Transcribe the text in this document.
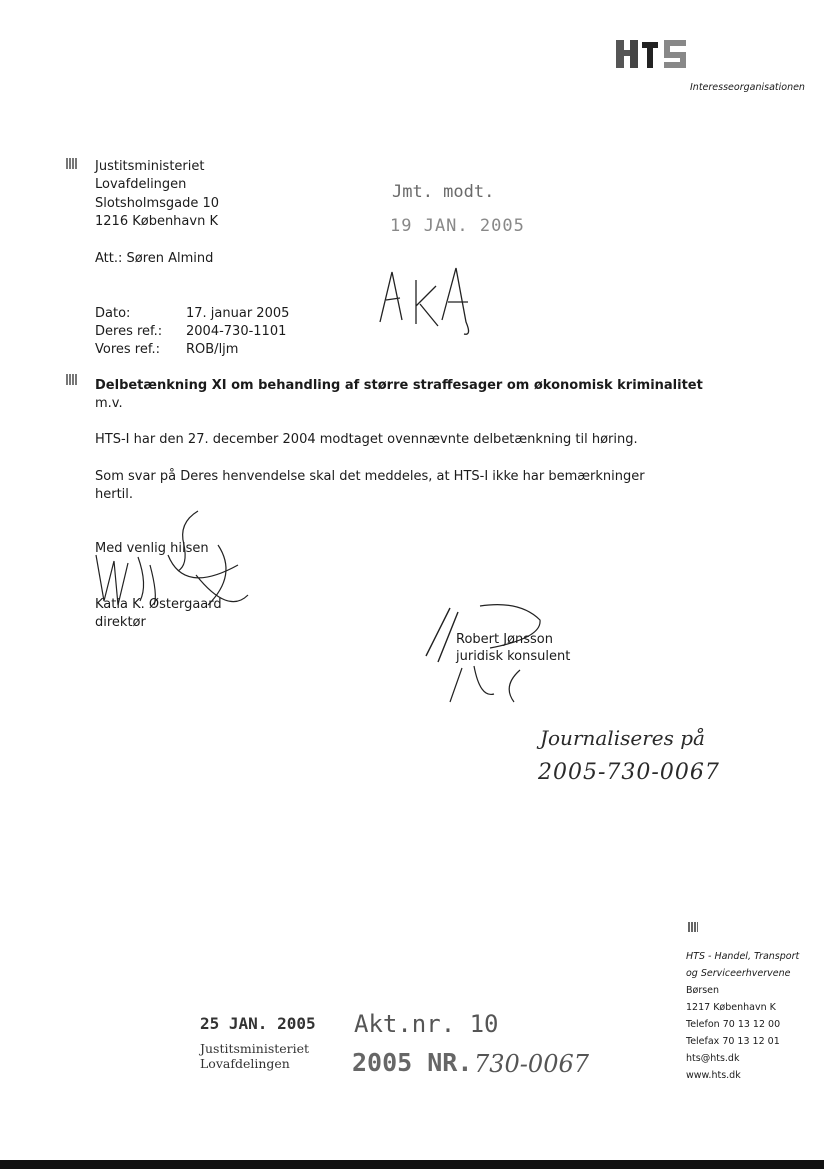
Interesseorganisationen
Justitsministeriet
Lovafdelingen
Slotsholmsgade 10
1216 København K
Att.: Søren Almind
Jmt. modt.
19 JAN. 2005
Dato:	17. januar 2005
Deres ref.: 2004-730-1101
Vores ref.: ROB/ljm
Delbetænkning XI om behandling af større straffesager om økonomisk kriminalitet
m.v.
HTS-I har den 27. december 2004 modtaget ovennævnte delbetænkning til høring.
Som svar på Deres henvendelse skal det meddeles, at HTS-I ikke har bemærkninger
hertil.
Med venlig hilsen
Katia K. Østergaard
direktør
Robert Jønsson
juridisk konsulent
Journaliseres på
2005-730-0067
25 JAN. 2005
Justitsministeriet
Lovafdelingen
Akt.nr. 10
2005 NR. 730-0067
HTS - Handel, Transport
og Serviceerhvervene
Børsen
1217 København K
Telefon 70 13 12 00
Telefax 70 13 12 01
hts@hts.dk
www.hts.dk
